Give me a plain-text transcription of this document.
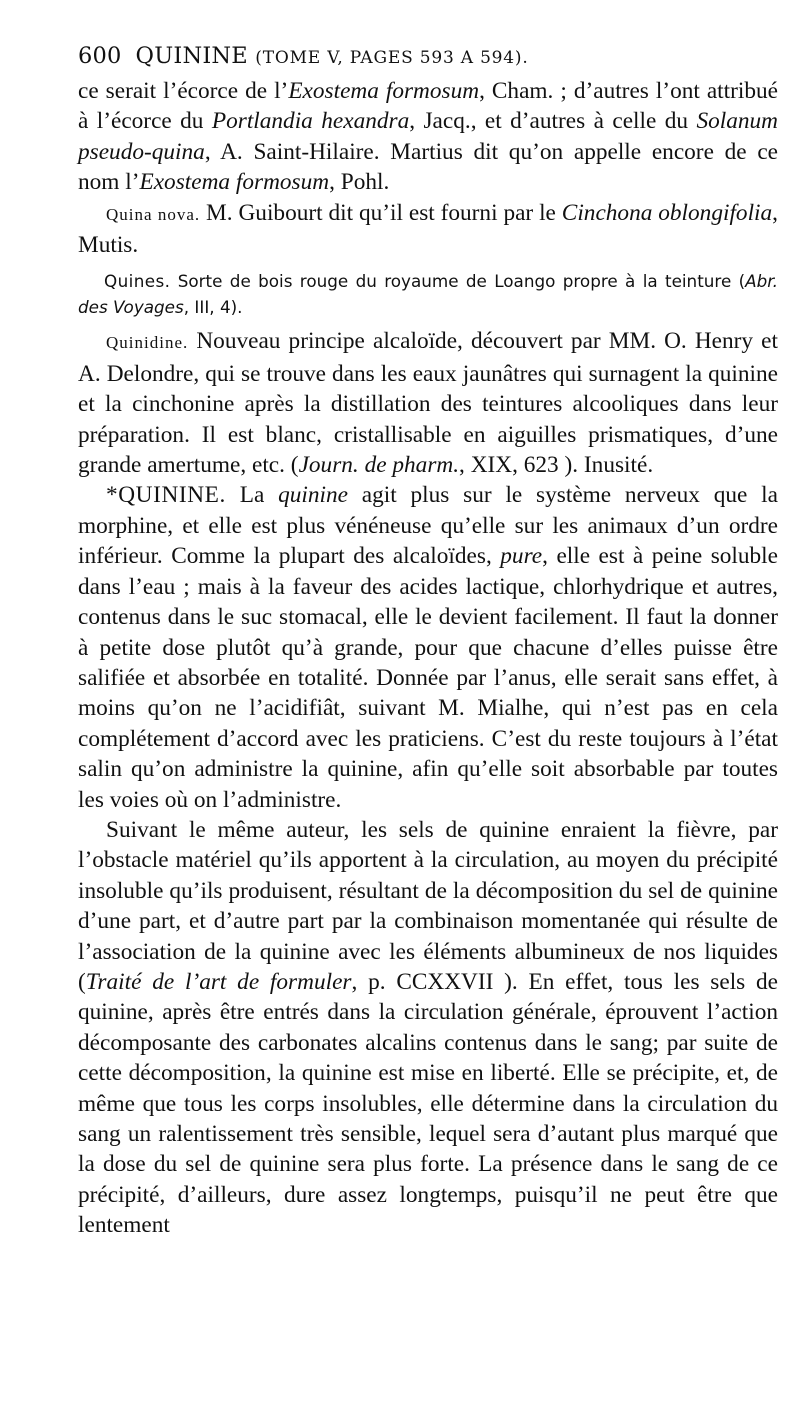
600 QUININE (TOME V, PAGES 593 A 594).

ce serait l’écorce de l’Exostema formosum, Cham. ; d’autres l’ont attribué à l’écorce du Portlandia hexandra, Jacq., et d’autres à celle du Solanum pseudo-quina, A. Saint-Hilaire. Martius dit qu’on appelle encore de ce nom l’Exostema formosum, Pohl.

Quina nova. M. Guibourt dit qu’il est fourni par le Cinchona oblongifolia, Mutis.

Quines. Sorte de bois rouge du royaume de Loango propre à la teinture (Abr. des Voyages, III, 4).

Quinidine. Nouveau principe alcaloïde, découvert par MM. O. Henry et A. Delondre, qui se trouve dans les eaux jaunâtres qui surnagent la quinine et la cinchonine après la distillation des teintures alcooliques dans leur préparation. Il est blanc, cristallisable en aiguilles prismatiques, d’une grande amertume, etc. (Journ. de pharm., XIX, 623 ). Inusité.

*QUININE. La quinine agit plus sur le système nerveux que la morphine, et elle est plus vénéneuse qu’elle sur les animaux d’un ordre inférieur. Comme la plupart des alcaloïdes, pure, elle est à peine soluble dans l’eau ; mais à la faveur des acides lactique, chlorhydrique et autres, contenus dans le suc stomacal, elle le devient facilement. Il faut la donner à petite dose plutôt qu’à grande, pour que chacune d’elles puisse être salifiée et absorbée en totalité. Donnée par l’anus, elle serait sans effet, à moins qu’on ne l’acidifiât, suivant M. Mialhe, qui n’est pas en cela complétement d’accord avec les praticiens. C’est du reste toujours à l’état salin qu’on administre la quinine, afin qu’elle soit absorbable par toutes les voies où on l’administre.

Suivant le même auteur, les sels de quinine enraient la fièvre, par l’obstacle matériel qu’ils apportent à la circulation, au moyen du précipité insoluble qu’ils produisent, résultant de la décomposition du sel de quinine d’une part, et d’autre part par la combinaison momentanée qui résulte de l’association de la quinine avec les éléments albumineux de nos liquides (Traité de l’art de formuler, p. CCXXVII ). En effet, tous les sels de quinine, après être entrés dans la circulation générale, éprouvent l’action décomposante des carbonates alcalins contenus dans le sang; par suite de cette décomposition, la quinine est mise en liberté. Elle se précipite, et, de même que tous les corps insolubles, elle détermine dans la circulation du sang un ralentissement très sensible, lequel sera d’autant plus marqué que la dose du sel de quinine sera plus forte. La présence dans le sang de ce précipité, d’ailleurs, dure assez longtemps, puisqu’il ne peut être que lentement
